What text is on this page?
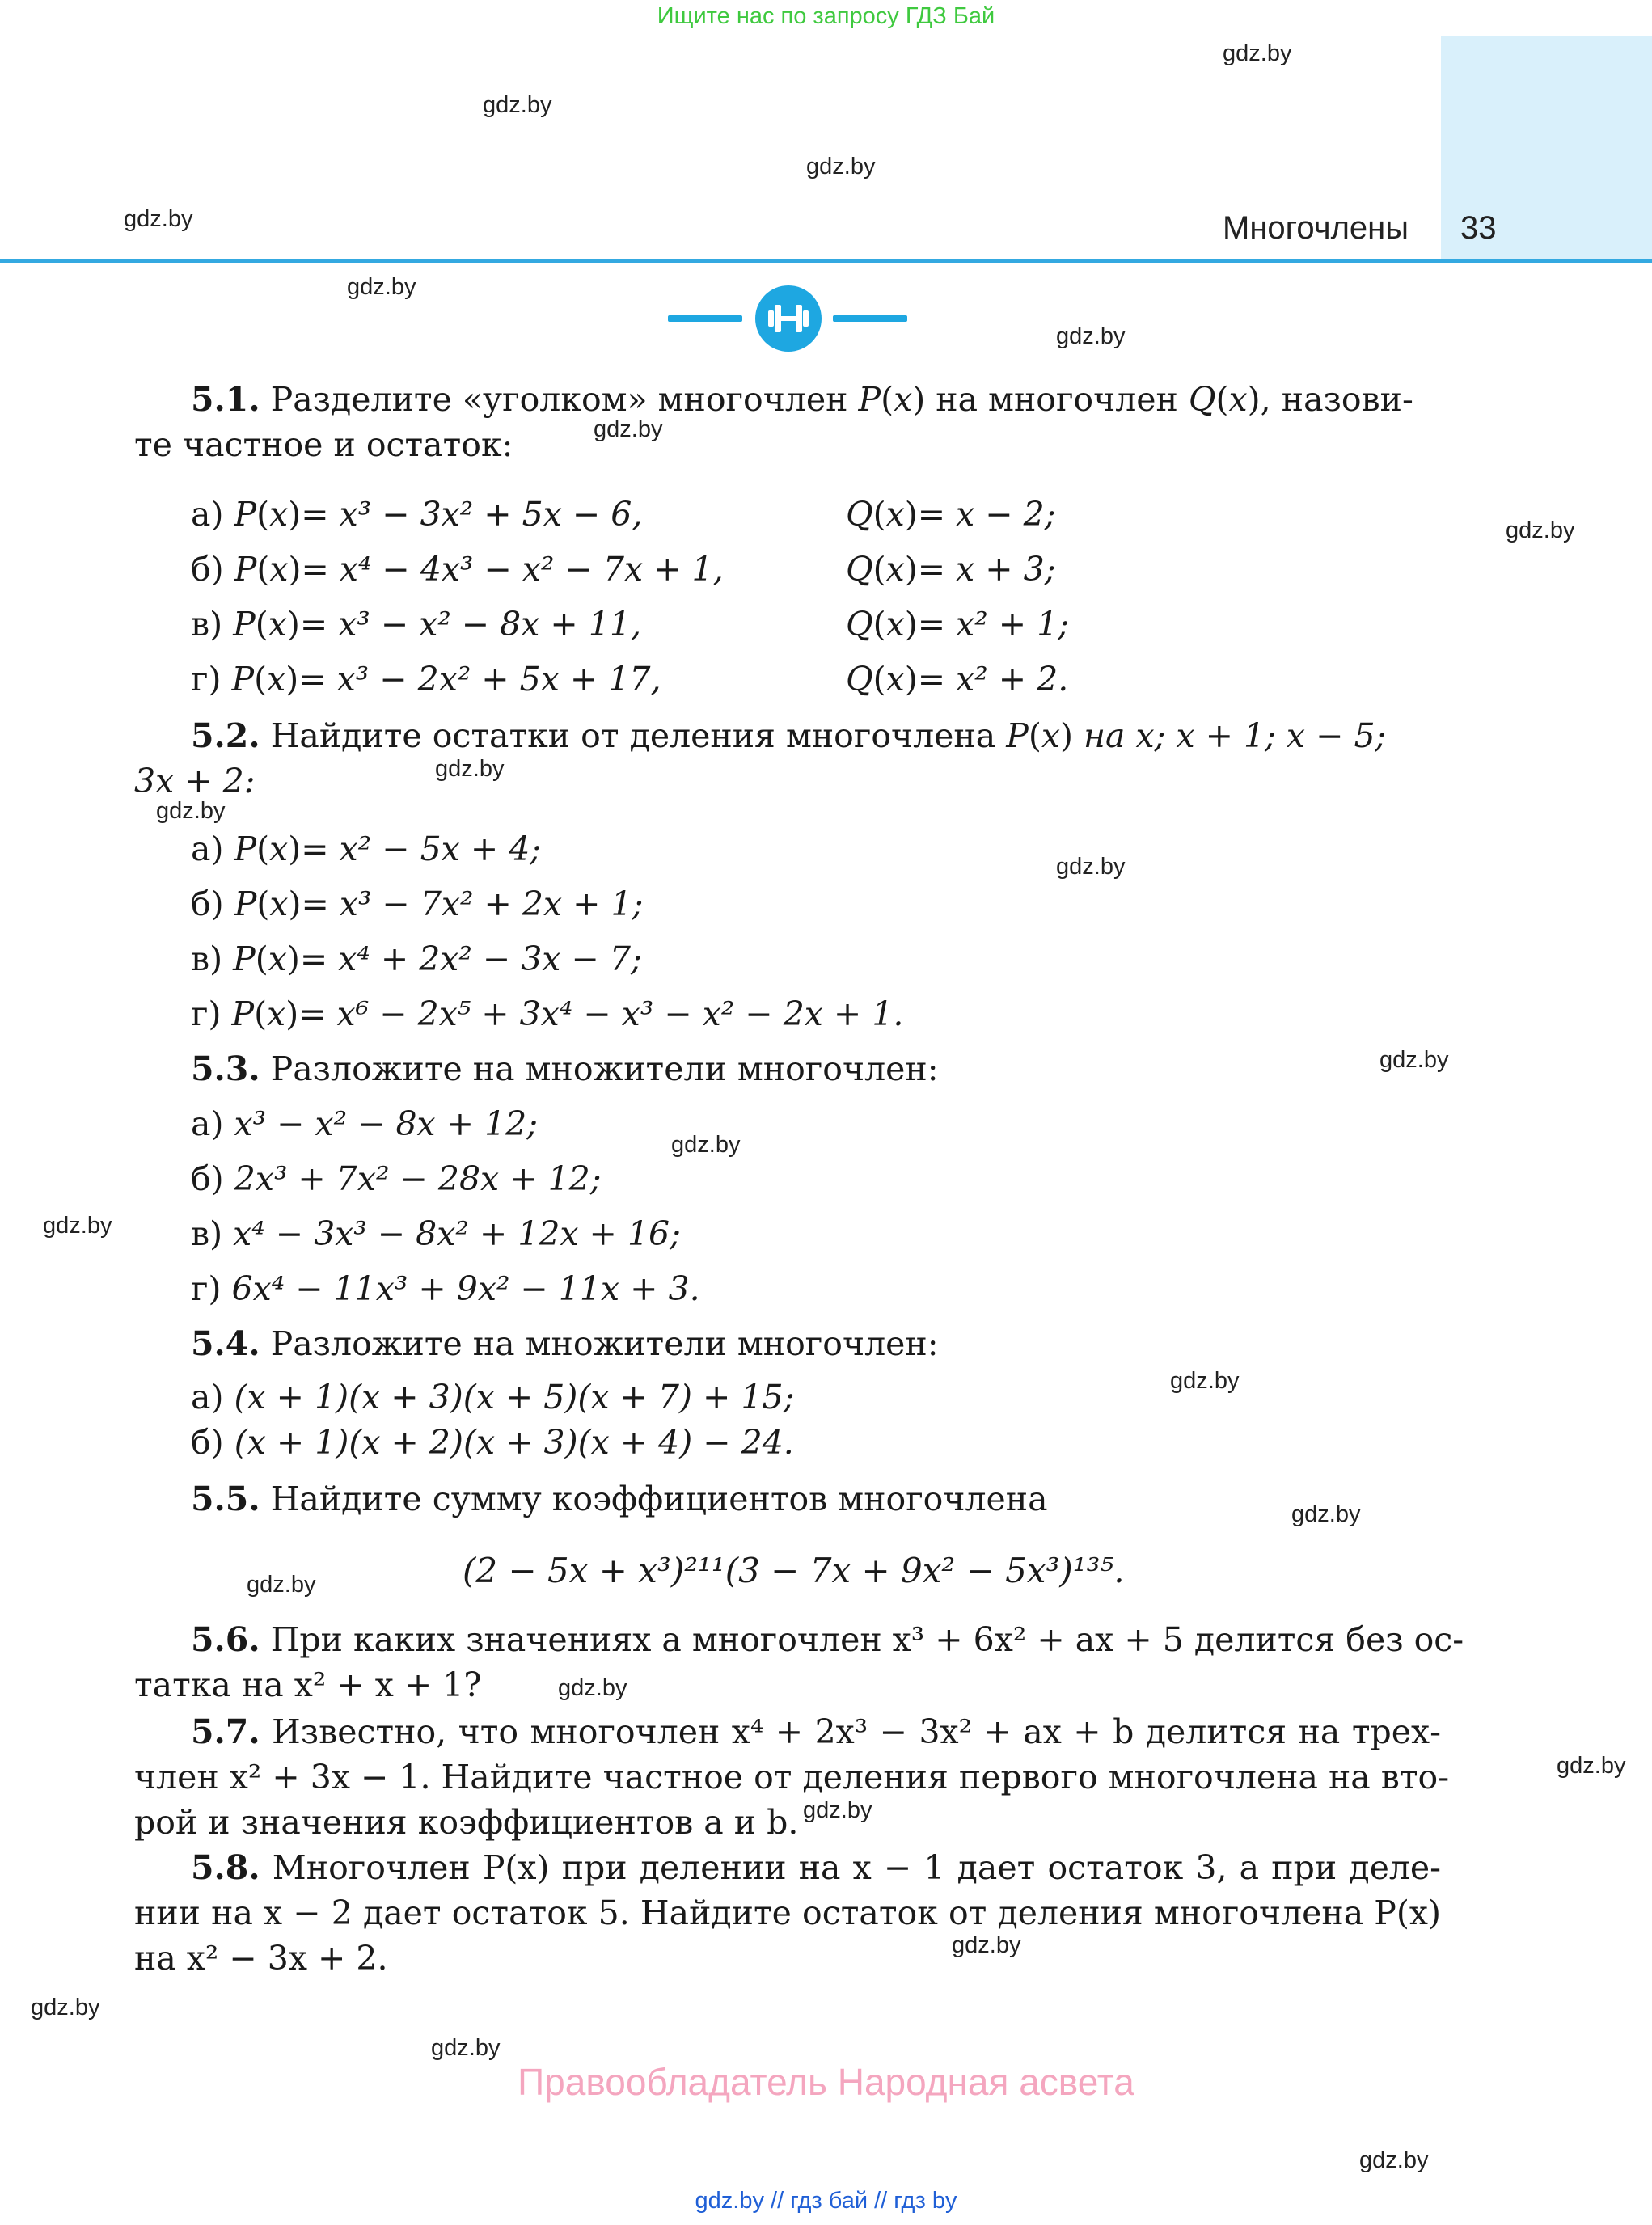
Ищите нас по запросу ГДЗ Бай
Многочлены 33
gdz.by
gdz.by
gdz.by
gdz.by
gdz.by
gdz.by
gdz.by
gdz.by
gdz.by
gdz.by
gdz.by
gdz.by
gdz.by
gdz.by
gdz.by
gdz.by
gdz.by
gdz.by
gdz.by
gdz.by
gdz.by
gdz.by
gdz.by
gdz.by
5.1. Разделите «уголком» многочлен P(x) на многочлен Q(x), назови-
те частное и остаток:
а) P(x)= x³ − 3x² + 5x − 6,	Q(x)= x − 2;
б) P(x)= x⁴ − 4x³ − x² − 7x + 1,	Q(x)= x + 3;
в) P(x)= x³ − x² − 8x + 11,	Q(x)= x² + 1;
г) P(x)= x³ − 2x² + 5x + 17,	Q(x)= x² + 2.
5.2. Найдите остатки от деления многочлена P(x) на x; x + 1; x − 5;
3x + 2:
а) P(x)= x² − 5x + 4;
б) P(x)= x³ − 7x² + 2x + 1;
в) P(x)= x⁴ + 2x² − 3x − 7;
г) P(x)= x⁶ − 2x⁵ + 3x⁴ − x³ − x² − 2x + 1.
5.3. Разложите на множители многочлен:
а) x³ − x² − 8x + 12;
б) 2x³ + 7x² − 28x + 12;
в) x⁴ − 3x³ − 8x² + 12x + 16;
г) 6x⁴ − 11x³ + 9x² − 11x + 3.
5.4. Разложите на множители многочлен:
а) (x + 1)(x + 3)(x + 5)(x + 7) + 15;
б) (x + 1)(x + 2)(x + 3)(x + 4) − 24.
5.5. Найдите сумму коэффициентов многочлена
(2 − 5x + x³)²¹¹(3 − 7x + 9x² − 5x³)¹³⁵.
5.6. При каких значениях a многочлен x³ + 6x² + ax + 5 делится без ос-
татка на x² + x + 1?
5.7. Известно, что многочлен x⁴ + 2x³ − 3x² + ax + b делится на трех-
член x² + 3x − 1. Найдите частное от деления первого многочлена на вто-
рой и значения коэффициентов a и b.
5.8. Многочлен P(x) при делении на x − 1 дает остаток 3, а при деле-
нии на x − 2 дает остаток 5. Найдите остаток от деления многочлена P(x)
на x² − 3x + 2.
Правообладатель Народная асвета
gdz.by // гдз бай // гдз by
